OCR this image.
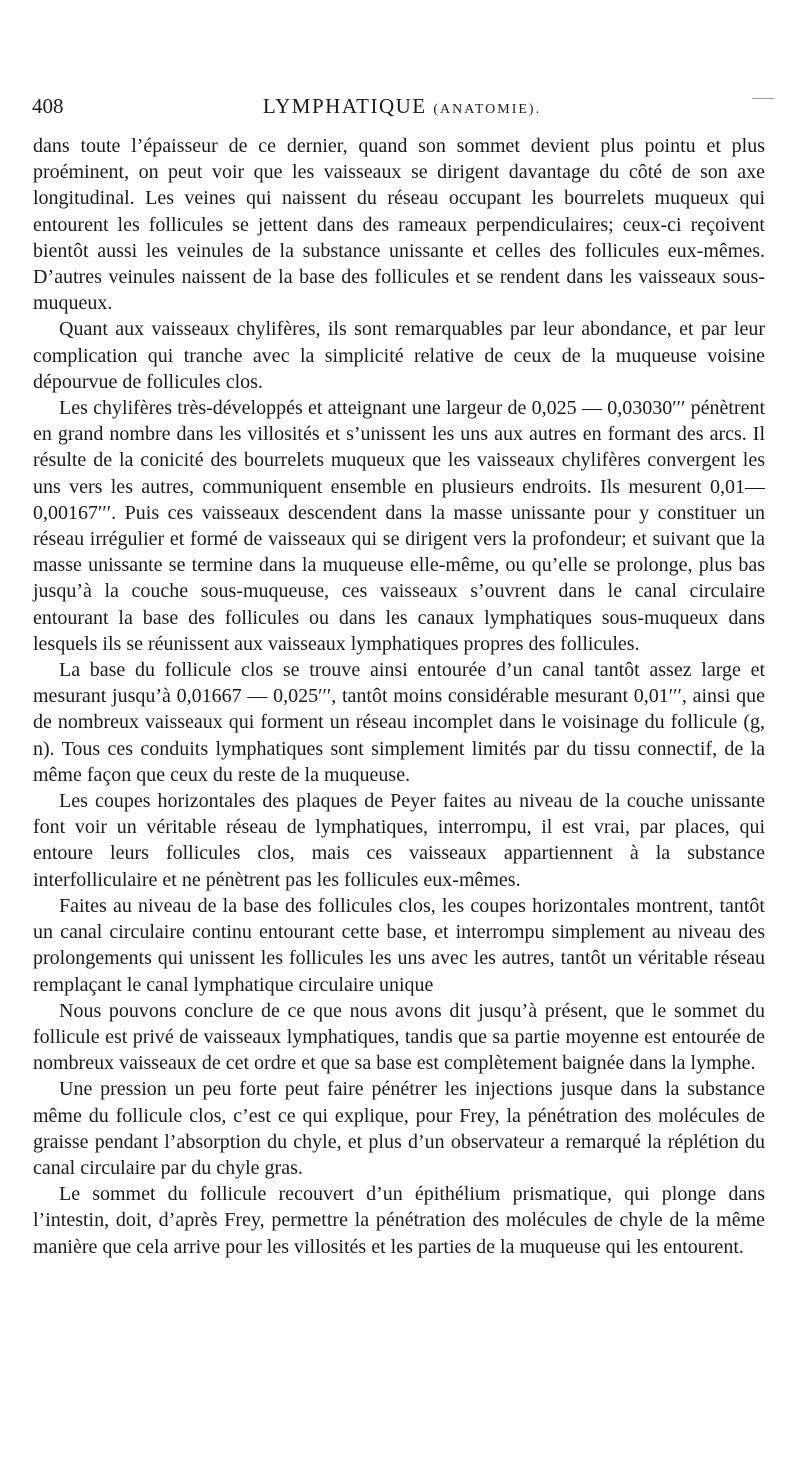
408	LYMPHATIQUE (ANATOMIE).

dans toute l’épaisseur de ce dernier, quand son sommet devient plus pointu et plus proéminent, on peut voir que les vaisseaux se dirigent davantage du côté de son axe longitudinal. Les veines qui naissent du réseau occupant les bourrelets muqueux qui entourent les follicules se jettent dans des rameaux perpendiculaires; ceux-ci reçoivent bientôt aussi les veinules de la substance unissante et celles des follicules eux-mêmes. D’autres veinules naissent de la base des follicules et se rendent dans les vaisseaux sous-muqueux.

Quant aux vaisseaux chylifères, ils sont remarquables par leur abondance, et par leur complication qui tranche avec la simplicité relative de ceux de la muqueuse voisine dépourvue de follicules clos.

Les chylifères très-développés et atteignant une largeur de 0,025 — 0,03030′′′ pénètrent en grand nombre dans les villosités et s’unissent les uns aux autres en formant des arcs. Il résulte de la conicité des bourrelets muqueux que les vaisseaux chylifères convergent les uns vers les autres, communiquent ensemble en plusieurs endroits. Ils mesurent 0,01— 0,00167′′′. Puis ces vaisseaux descendent dans la masse unissante pour y constituer un réseau irrégulier et formé de vaisseaux qui se dirigent vers la profondeur; et suivant que la masse unissante se termine dans la muqueuse elle-même, ou qu’elle se prolonge, plus bas jusqu’à la couche sous-muqueuse, ces vaisseaux s’ouvrent dans le canal circulaire entourant la base des follicules ou dans les canaux lymphatiques sous-muqueux dans lesquels ils se réunissent aux vaisseaux lymphatiques propres des follicules.

La base du follicule clos se trouve ainsi entourée d’un canal tantôt assez large et mesurant jusqu’à 0,01667 — 0,025′′′, tantôt moins considérable mesurant 0,01′′′, ainsi que de nombreux vaisseaux qui forment un réseau incomplet dans le voisinage du follicule (g, n). Tous ces conduits lymphatiques sont simplement limités par du tissu connectif, de la même façon que ceux du reste de la muqueuse.

Les coupes horizontales des plaques de Peyer faites au niveau de la couche unissante font voir un véritable réseau de lymphatiques, interrompu, il est vrai, par places, qui entoure leurs follicules clos, mais ces vaisseaux appartiennent à la substance interfolliculaire et ne pénètrent pas les follicules eux-mêmes.

Faites au niveau de la base des follicules clos, les coupes horizontales montrent, tantôt un canal circulaire continu entourant cette base, et interrompu simplement au niveau des prolongements qui unissent les follicules les uns avec les autres, tantôt un véritable réseau remplaçant le canal lymphatique circulaire unique

Nous pouvons conclure de ce que nous avons dit jusqu’à présent, que le sommet du follicule est privé de vaisseaux lymphatiques, tandis que sa partie moyenne est entourée de nombreux vaisseaux de cet ordre et que sa base est complètement baignée dans la lymphe.

Une pression un peu forte peut faire pénétrer les injections jusque dans la substance même du follicule clos, c’est ce qui explique, pour Frey, la pénétration des molécules de graisse pendant l’absorption du chyle, et plus d’un observateur a remarqué la réplétion du canal circulaire par du chyle gras.

Le sommet du follicule recouvert d’un épithélium prismatique, qui plonge dans l’intestin, doit, d’après Frey, permettre la pénétration des molécules de chyle de la même manière que cela arrive pour les villosités et les parties de la muqueuse qui les entourent.
